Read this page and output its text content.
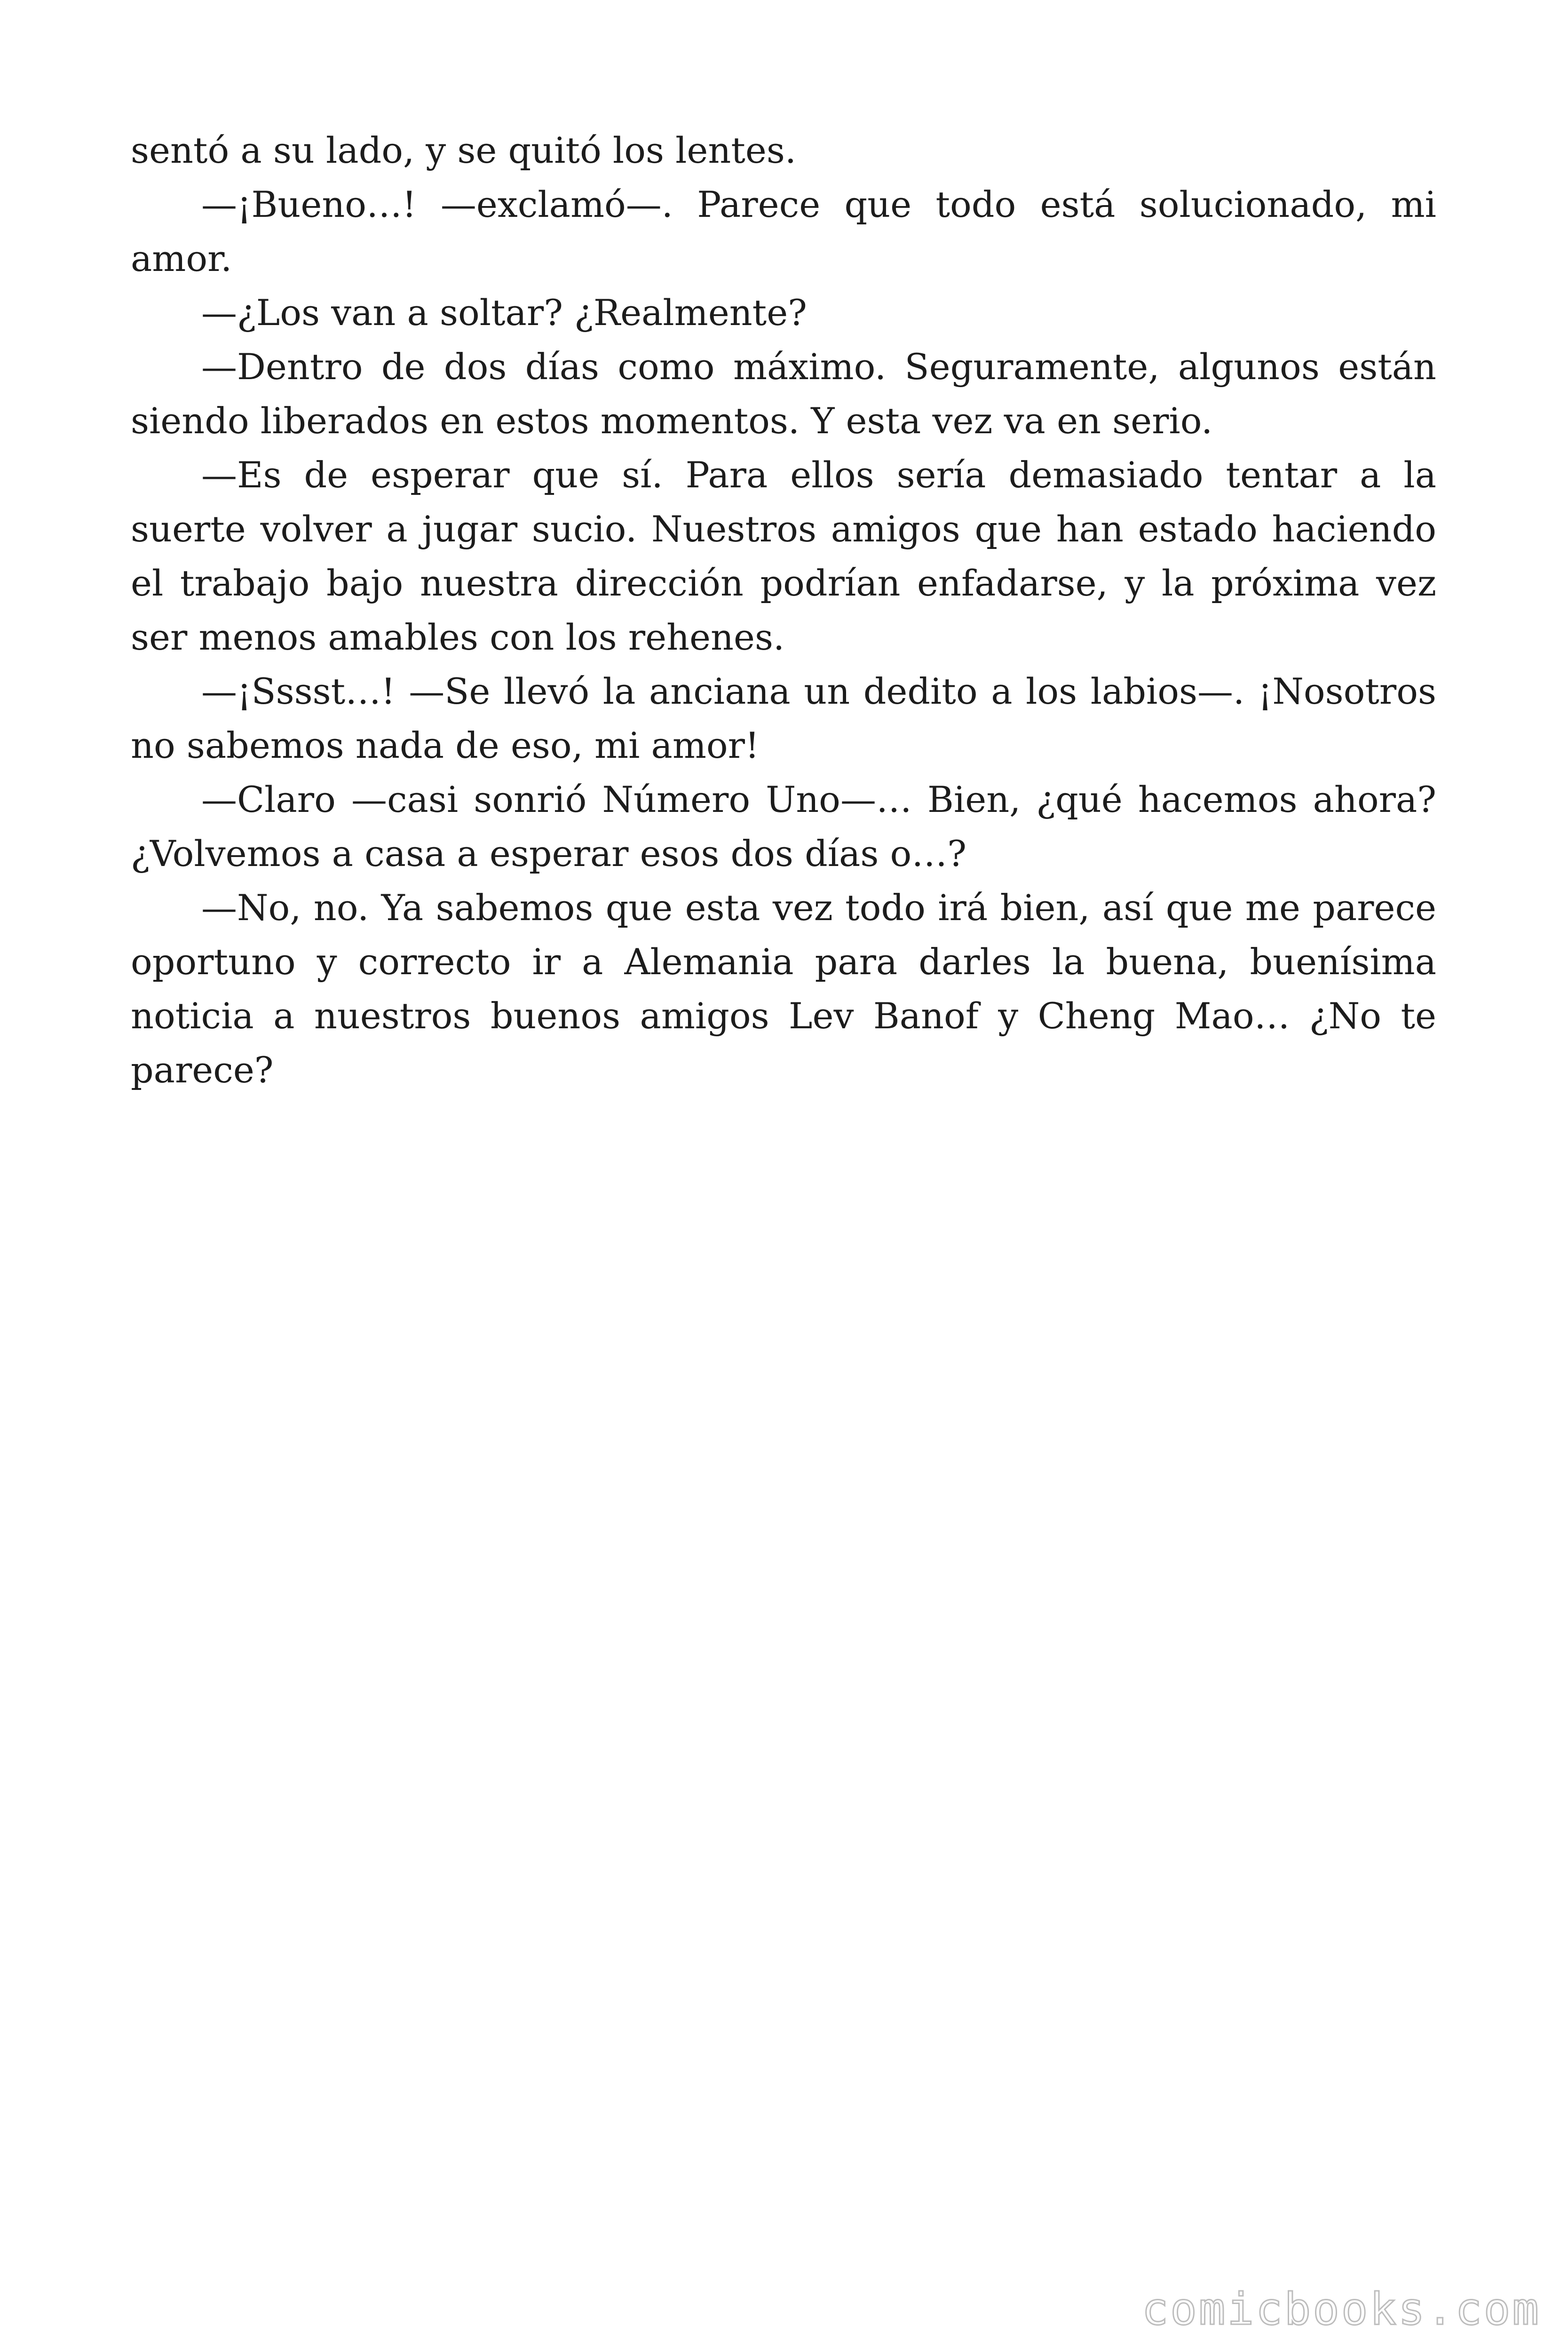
sentó a su lado, y se quitó los lentes.

—¡Bueno…! —exclamó—. Parece que todo está solucionado, mi amor.

—¿Los van a soltar? ¿Realmente?

—Dentro de dos días como máximo. Seguramente, algunos están siendo liberados en estos momentos. Y esta vez va en serio.

—Es de esperar que sí. Para ellos sería demasiado tentar a la suerte volver a jugar sucio. Nuestros amigos que han estado haciendo el trabajo bajo nuestra dirección podrían enfadarse, y la próxima vez ser menos amables con los rehenes.

—¡Sssst…! —Se llevó la anciana un dedito a los labios—. ¡Nosotros no sabemos nada de eso, mi amor!

—Claro —casi sonrió Número Uno—… Bien, ¿qué hacemos ahora? ¿Volvemos a casa a esperar esos dos días o…?

—No, no. Ya sabemos que esta vez todo irá bien, así que me parece oportuno y correcto ir a Alemania para darles la buena, buenísima noticia a nuestros buenos amigos Lev Banof y Cheng Mao… ¿No te parece?

comicbooks.com
